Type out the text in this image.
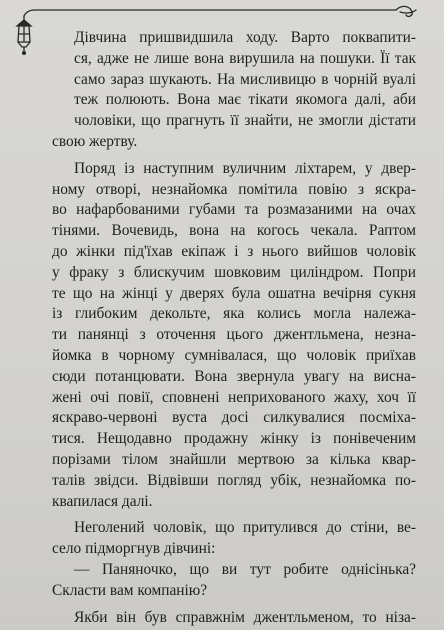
Дівчина пришвидшила ходу. Варто поквапити-
ся, адже не лише вона вирушила на пошуки. Її так
само зараз шукають. На мисливицю в чорній вуалі
теж полюють. Вона має тікати якомога далі, аби
чоловіки, що прагнуть її знайти, не змогли дістати

свою жертву.

Поряд із наступним вуличним ліхтарем, у двер-

ному отворі, незнайомка помітила повію з яскра-
во нафарбованими губами та розмазаними на очах
тінями. Вочевидь, вона на когось чекала. Раптом
до жінки під'їхав екіпаж і з нього вийшов чоловік
у фраку з блискучим шовковим циліндром. Попри
те що на жінці у дверях була ошатна вечірня сукня
із глибоким декольте, яка колись могла належа-
ти панянці з оточення цього джентльмена, незна-
йомка в чорному сумнівалася, що чоловік приїхав
сюди потанцювати. Вона звернула увагу на висна-
жені очі повії, сповнені неприхованого жаху, хоч її
яскраво-червоні вуста досі силкувалися посміха-
тися. Нещодавно продажну жінку із понівеченим
порізами тілом знайшли мертвою за кілька квар-
талів звідси. Відвівши погляд убік, незнайомка по-

квапилася далі.

Неголений чоловік, що притулився до стіни, ве-

село підморгнув дівчині:

— Паняночко, що ви тут робите однісінька?

Скласти вам компанію?

Якби він був справжнім джентльменом, то ніза-
